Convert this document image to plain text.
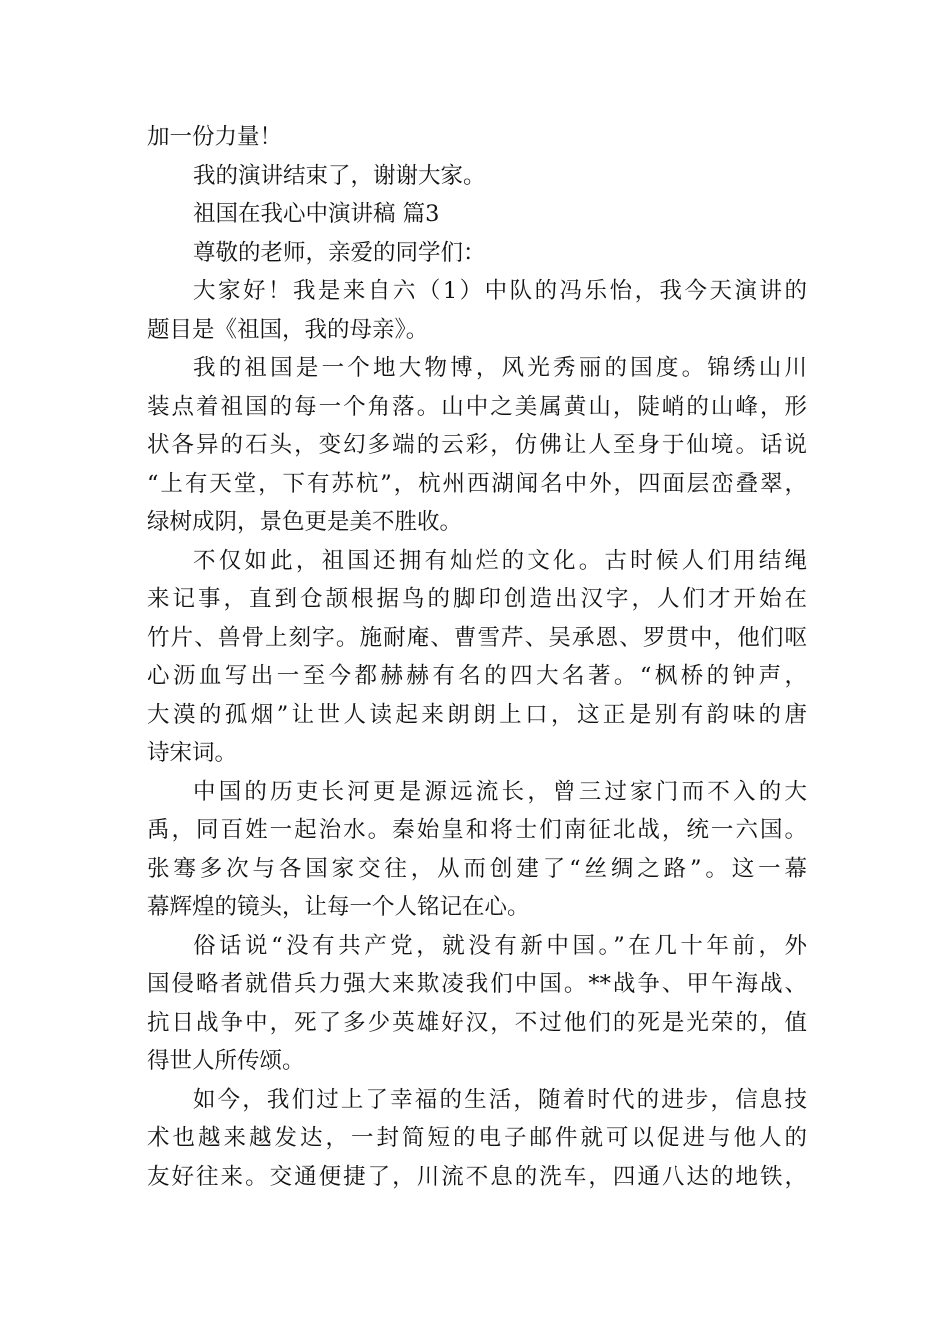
加一份力量！
我的演讲结束了，谢谢大家。
祖国在我心中演讲稿 篇3
尊敬的老师，亲爱的同学们：
大家好！我是来自六（1）中队的冯乐怡，我今天演讲的
题目是《祖国，我的母亲》。
我的祖国是一个地大物博，风光秀丽的国度。锦绣山川
装点着祖国的每一个角落。山中之美属黄山，陡峭的山峰，形
状各异的石头，变幻多端的云彩，仿佛让人至身于仙境。话说
“上有天堂，下有苏杭”，杭州西湖闻名中外，四面层峦叠翠，
绿树成阴，景色更是美不胜收。
不仅如此，祖国还拥有灿烂的文化。古时候人们用结绳
来记事，直到仓颉根据鸟的脚印创造出汉字，人们才开始在
竹片、兽骨上刻字。施耐庵、曹雪芹、吴承恩、罗贯中，他们呕
心沥血写出一至今都赫赫有名的四大名著。“枫桥的钟声，
大漠的孤烟”让世人读起来朗朗上口，这正是别有韵味的唐
诗宋词。
中国的历吏长河更是源远流长，曾三过家门而不入的大
禹，同百姓一起治水。秦始皇和将士们南征北战，统一六国。
张骞多次与各国家交往，从而创建了“丝绸之路”。这一幕
幕辉煌的镜头，让每一个人铭记在心。
俗话说“没有共产党，就没有新中国。”在几十年前，外
国侵略者就借兵力强大来欺凌我们中国。**战争、甲午海战、
抗日战争中，死了多少英雄好汉，不过他们的死是光荣的，值
得世人所传颂。
如今，我们过上了幸福的生活，随着时代的进步，信息技
术也越来越发达，一封简短的电子邮件就可以促进与他人的
友好往来。交通便捷了，川流不息的洗车，四通八达的地铁，
